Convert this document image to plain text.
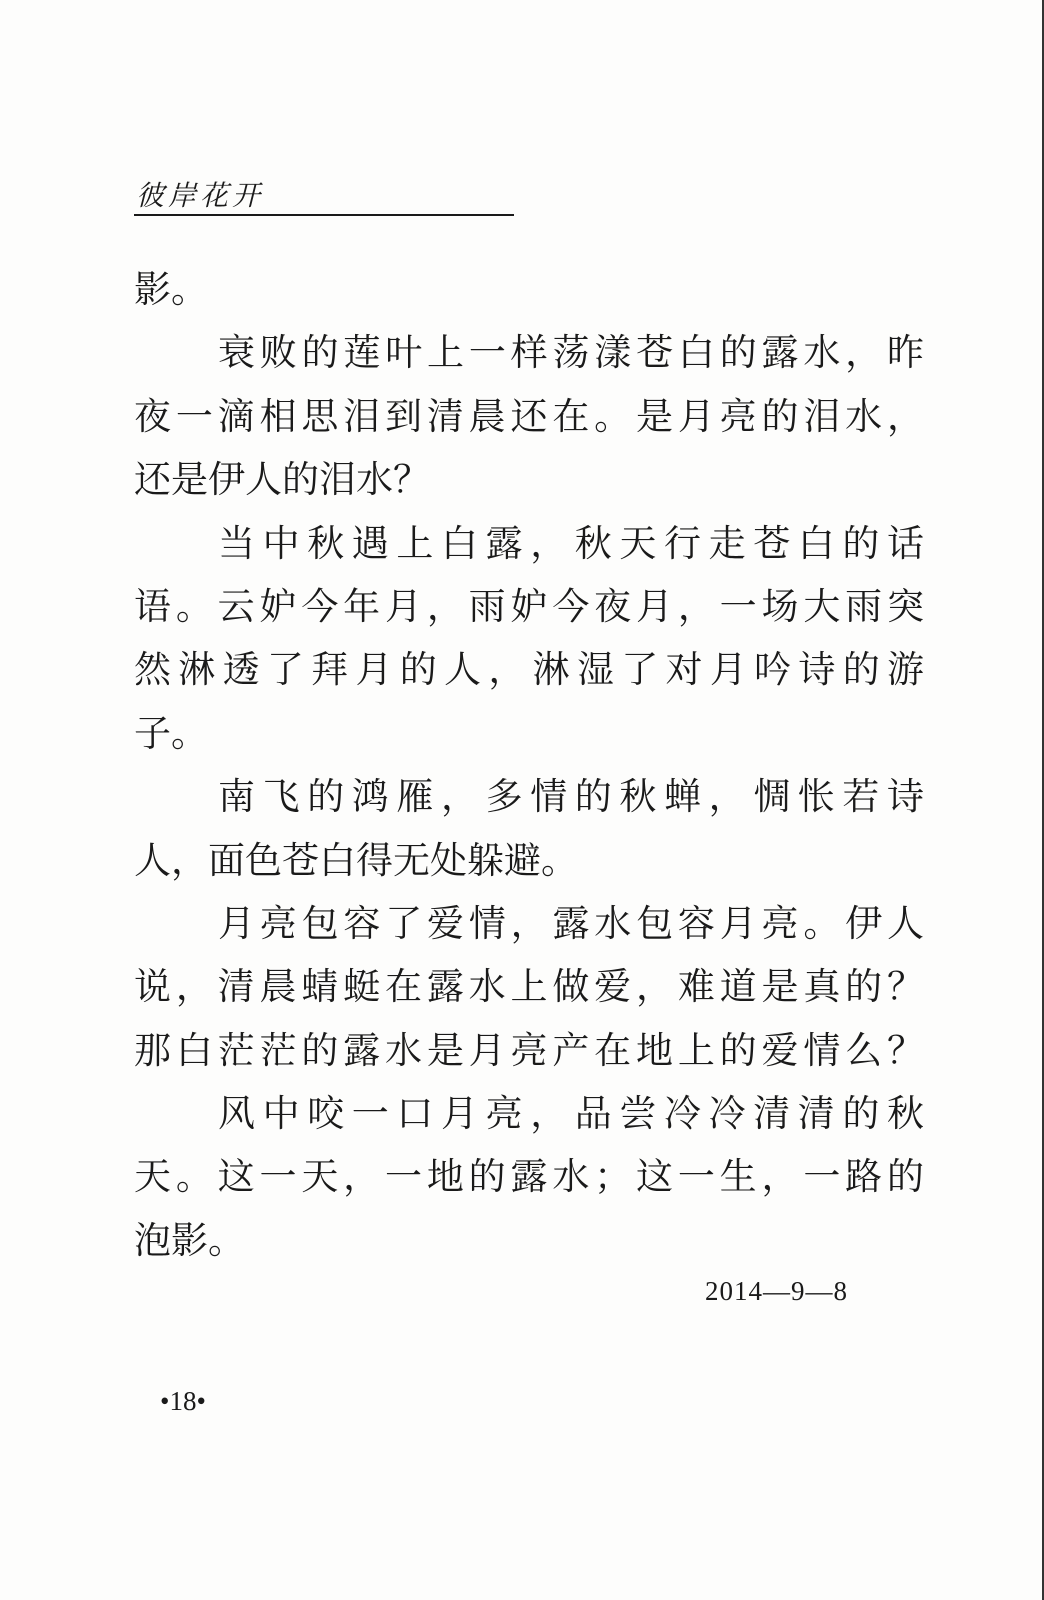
彼岸花开
影。
衰败的莲叶上一样荡漾苍白的露水，昨
夜一滴相思泪到清晨还在。是月亮的泪水，
还是伊人的泪水？
当中秋遇上白露，秋天行走苍白的话
语。云妒今年月，雨妒今夜月，一场大雨突
然淋透了拜月的人，淋湿了对月吟诗的游
子。
南飞的鸿雁，多情的秋蝉，惆怅若诗
人，面色苍白得无处躲避。
月亮包容了爱情，露水包容月亮。伊人
说，清晨蜻蜓在露水上做爱，难道是真的？
那白茫茫的露水是月亮产在地上的爱情么？
风中咬一口月亮，品尝冷冷清清的秋
天。这一天，一地的露水；这一生，一路的
泡影。
2014—9—8
•18•
